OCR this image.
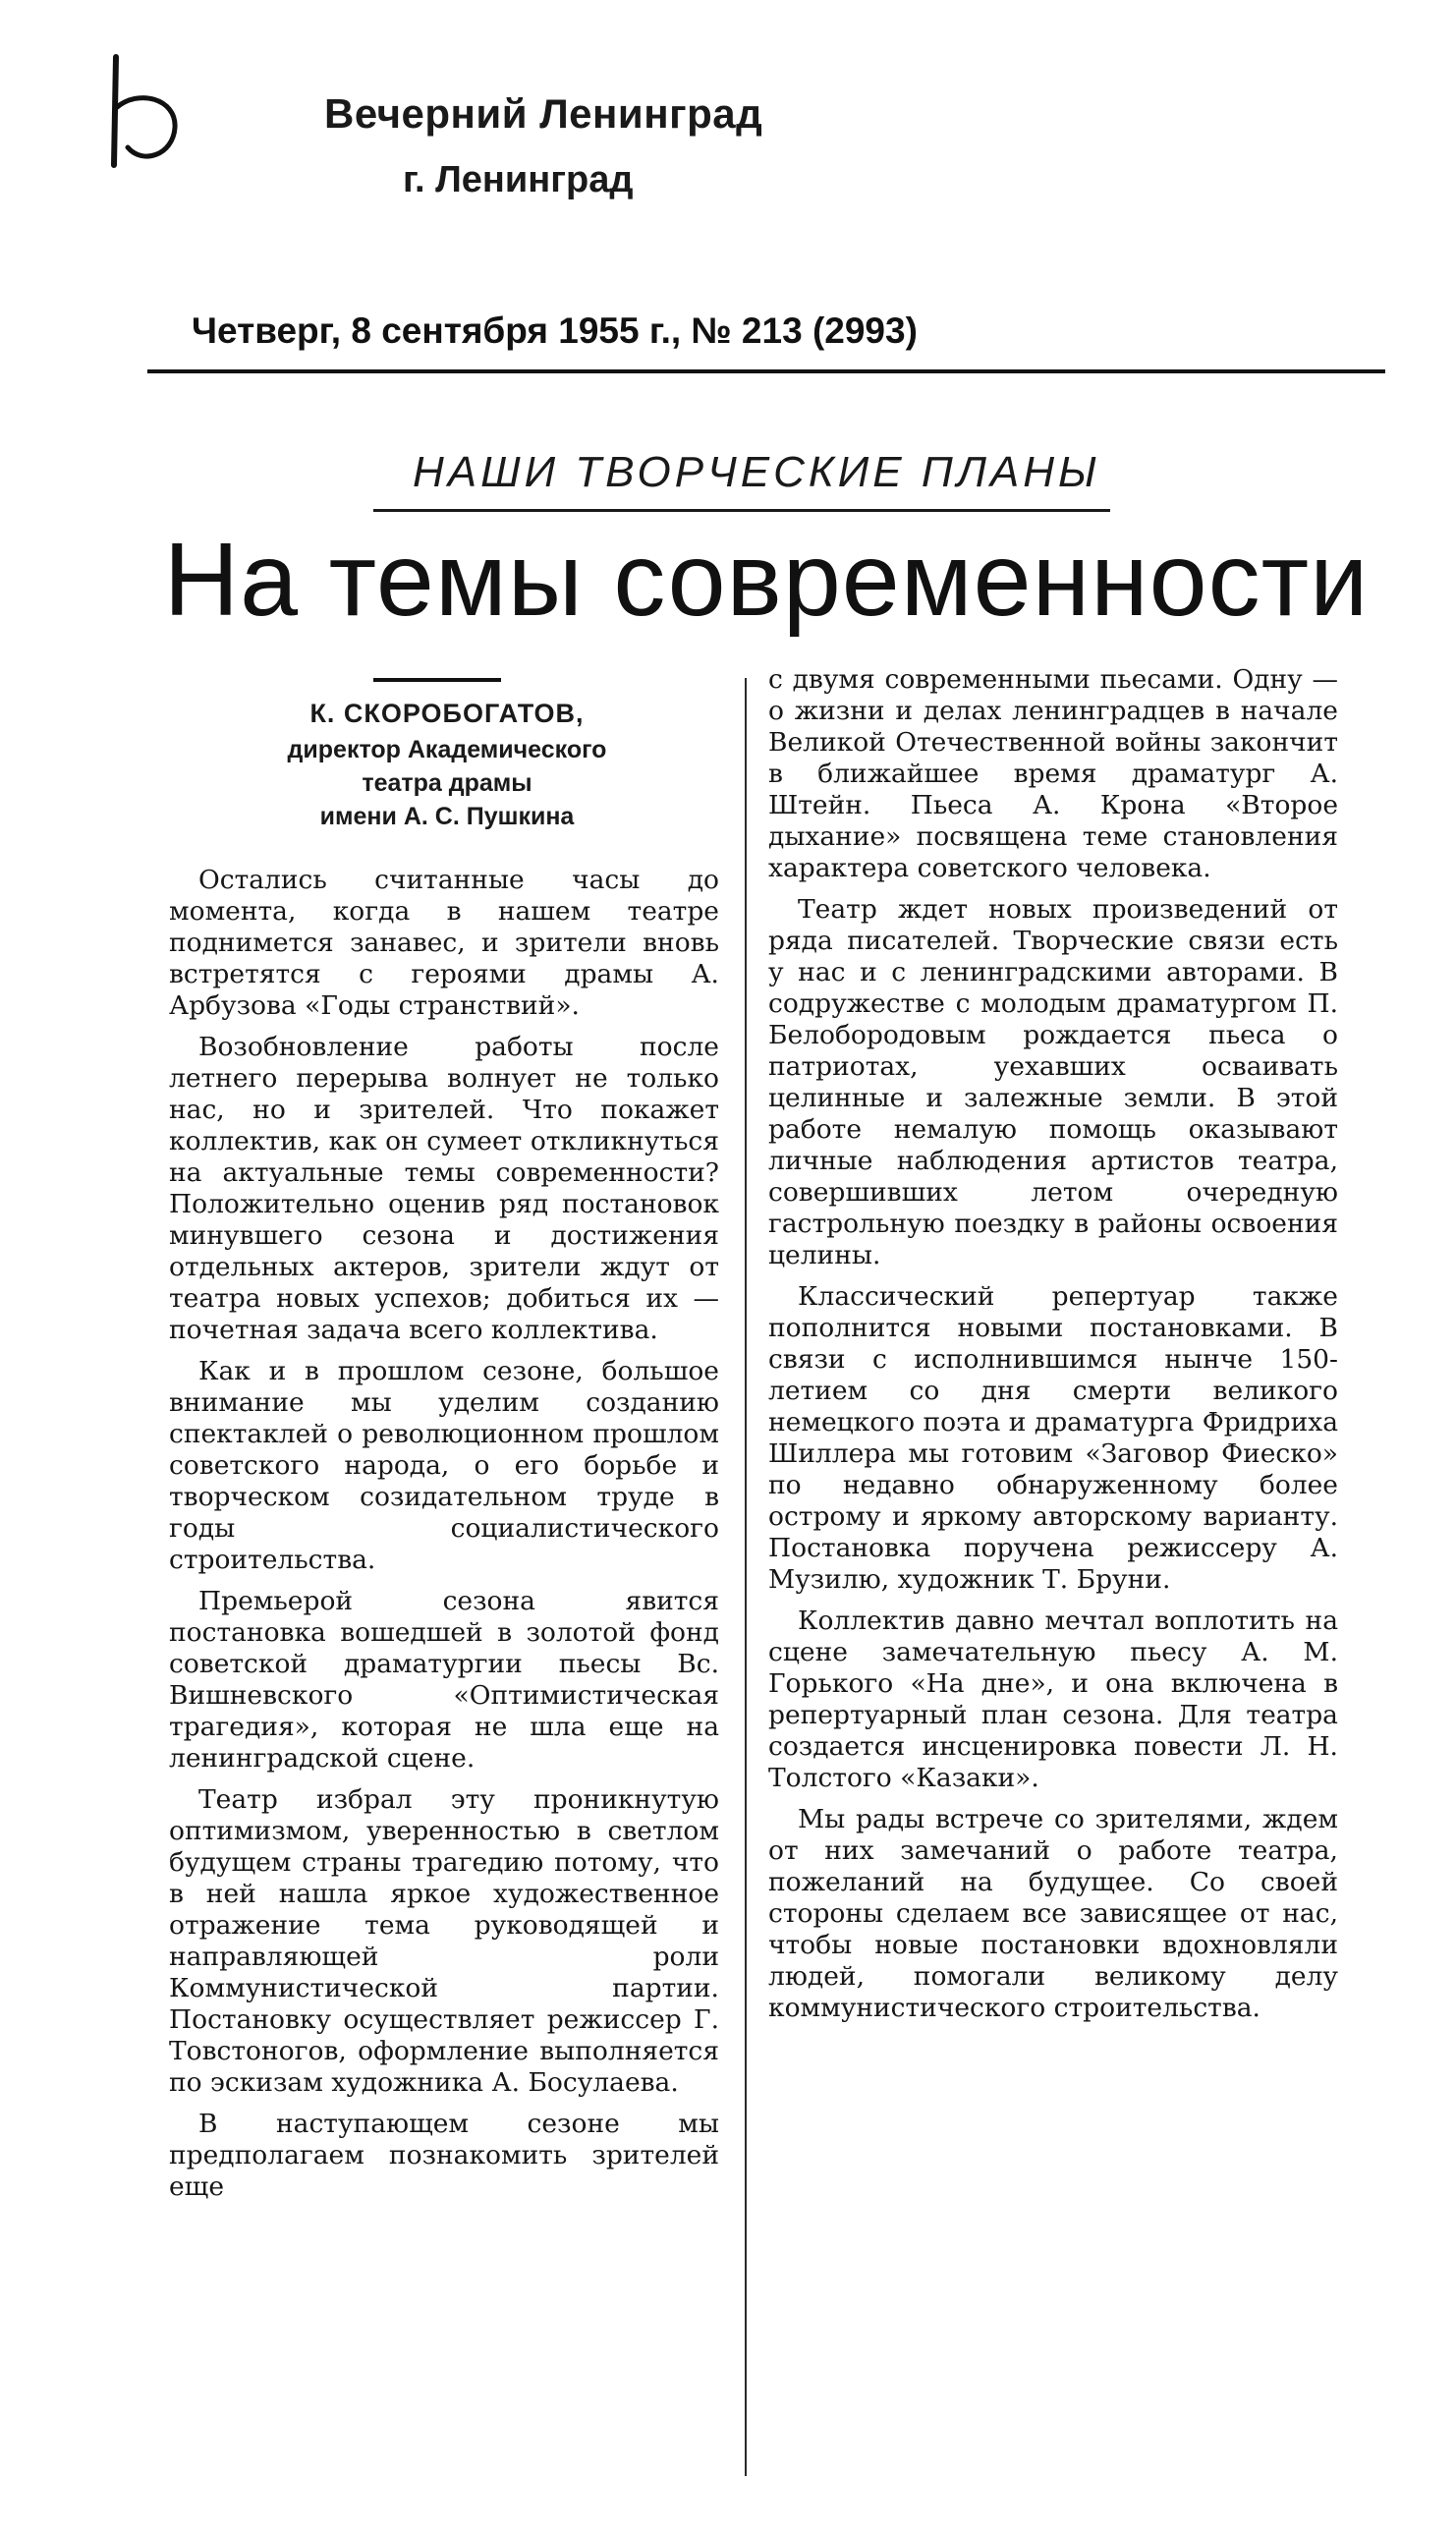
Вечерний Ленинград
г. Ленинград
Четверг, 8 сентября 1955 г., № 213 (2993)
НАШИ ТВОРЧЕСКИЕ ПЛАНЫ
На темы современности
К. СКОРОБОГАТОВ,
директор Академического
театра драмы
имени А. С. Пушкина

Остались считанные часы до момента, когда в нашем театре поднимется занавес, и зрители вновь встретятся с героями драмы А. Арбузова «Годы странствий».

Возобновление работы после летнего перерыва волнует не только нас, но и зрителей. Что покажет коллектив, как он сумеет откликнуться на актуальные темы современности? Положительно оценив ряд постановок минувшего сезона и достижения отдельных актеров, зрители ждут от театра новых успехов; добиться их — почетная задача всего коллектива.

Как и в прошлом сезоне, большое внимание мы уделим созданию спектаклей о революционном прошлом советского народа, о его борьбе и творческом созидательном труде в годы социалистического строительства.

Премьерой сезона явится постановка вошедшей в золотой фонд советской драматургии пьесы Вс. Вишневского «Оптимистическая трагедия», которая не шла еще на ленинградской сцене.

Театр избрал эту проникнутую оптимизмом, уверенностью в светлом будущем страны трагедию потому, что в ней нашла яркое художественное отражение тема руководящей и направляющей роли Коммунистической партии. Постановку осуществляет режиссер Г. Товстоногов, оформление выполняется по эскизам художника А. Босулаева.

В наступающем сезоне мы предполагаем познакомить зрителей еще

с двумя современными пьесами. Одну — о жизни и делах ленинградцев в начале Великой Отечественной войны закончит в ближайшее время драматург А. Штейн. Пьеса А. Крона «Второе дыхание» посвящена теме становления характера советского человека.

Театр ждет новых произведений от ряда писателей. Творческие связи есть у нас и с ленинградскими авторами. В содружестве с молодым драматургом П. Белобородовым рождается пьеса о патриотах, уехавших осваивать целинные и залежные земли. В этой работе немалую помощь оказывают личные наблюдения артистов театра, совершивших летом очередную гастрольную поездку в районы освоения целины.

Классический репертуар также пополнится новыми постановками. В связи с исполнившимся нынче 150-летием со дня смерти великого немецкого поэта и драматурга Фридриха Шиллера мы готовим «Заговор Фиеско» по недавно обнаруженному более острому и яркому авторскому варианту. Постановка поручена режиссеру А. Музилю, художник Т. Бруни.

Коллектив давно мечтал воплотить на сцене замечательную пьесу А. М. Горького «На дне», и она включена в репертуарный план сезона. Для театра создается инсценировка повести Л. Н. Толстого «Казаки».

Мы рады встрече со зрителями, ждем от них замечаний о работе театра, пожеланий на будущее. Со своей стороны сделаем все зависящее от нас, чтобы новые постановки вдохновляли людей, помогали великому делу коммунистического строительства.
